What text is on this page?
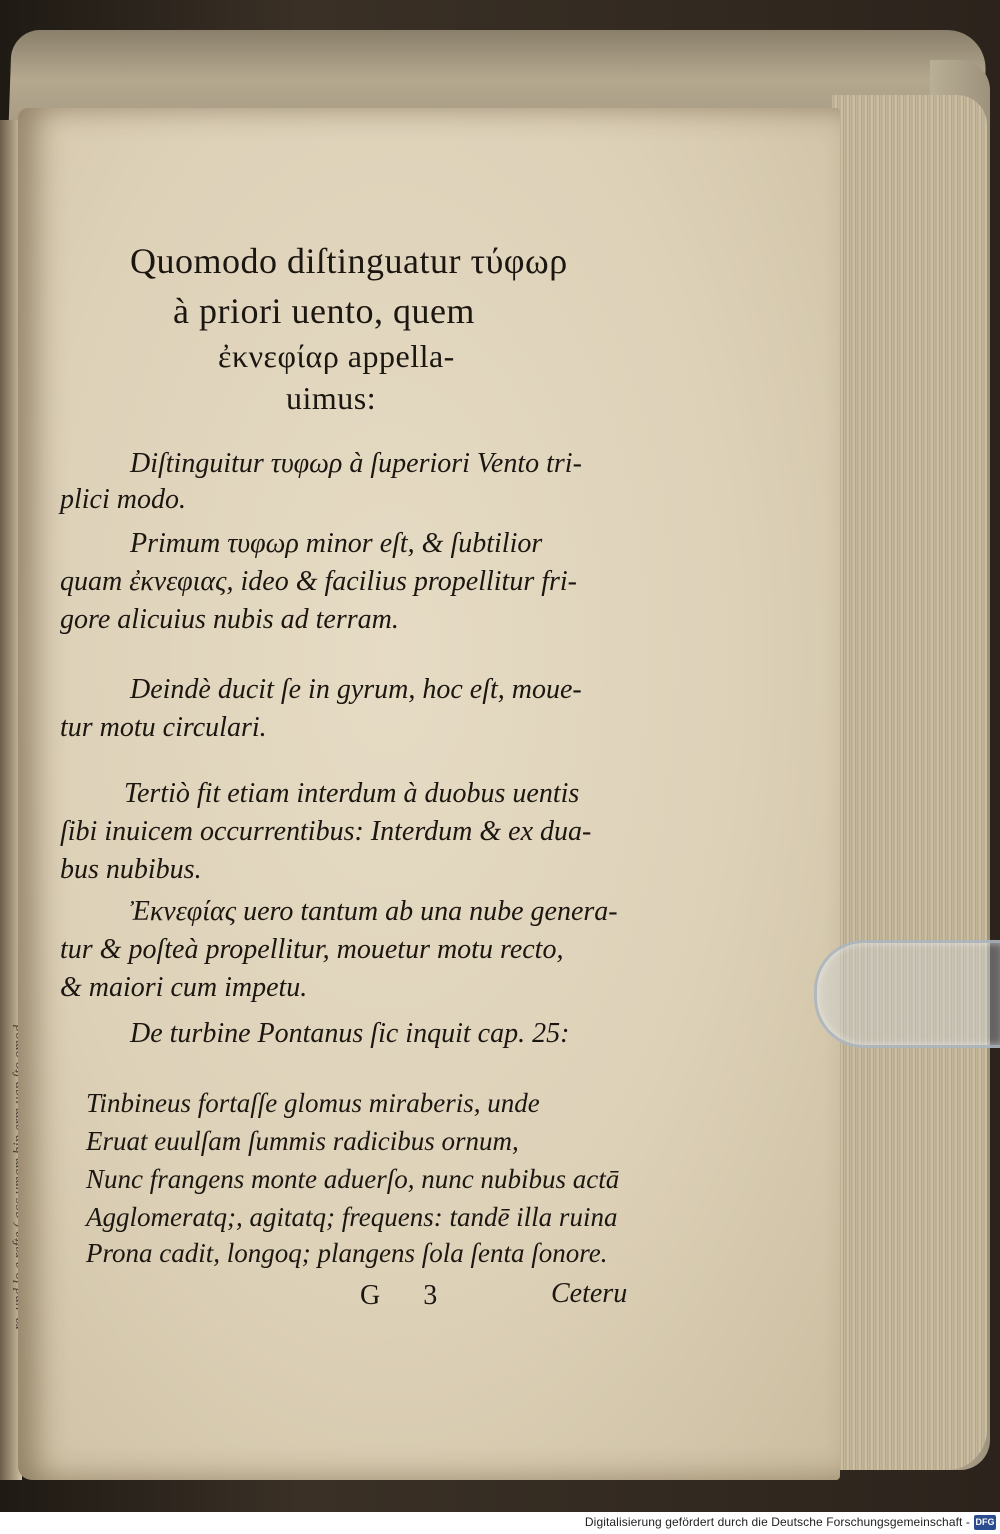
Quomodo diſtinguatur τύφωρ
à priori uento, quem
ἐκνεφίαρ appella-
uimus:
Diſtinguitur τυφωρ à ſuperiori Vento tri-
plici modo.
Primum τυφωρ minor eſt, & ſubtilior
quam ἐκνεφιας, ideo & facilius propellitur fri-
gore alicuius nubis ad terram.
Deindè ducit ſe in gyrum, hoc eſt, moue-
tur motu circulari.
Tertiò fit etiam interdum à duobus uentis
ſibi inuicem occurrentibus: Interdum & ex dua-
bus nubibus.
Ἐκνεφίας uero tantum ab una nube genera-
tur & poſteà propellitur, mouetur motu recto,
& maiori cum impetu.
De turbine Pontanus ſic inquit cap. 25:
Tinbineus fortaſſe glomus miraberis, unde
Eruat euulſam ſummis radicibus ornum,
Nunc frangens monte aduerſo, nunc nubibus actā
Agglomeratq;, agitatq; frequens: tandē illa ruina
Prona cadit, longoq; plangens ſola ſenta ſonore.
G 3	Ceteru
Digitalisierung gefördert durch die Deutsche Forschungsgemeinschaft - DFG
